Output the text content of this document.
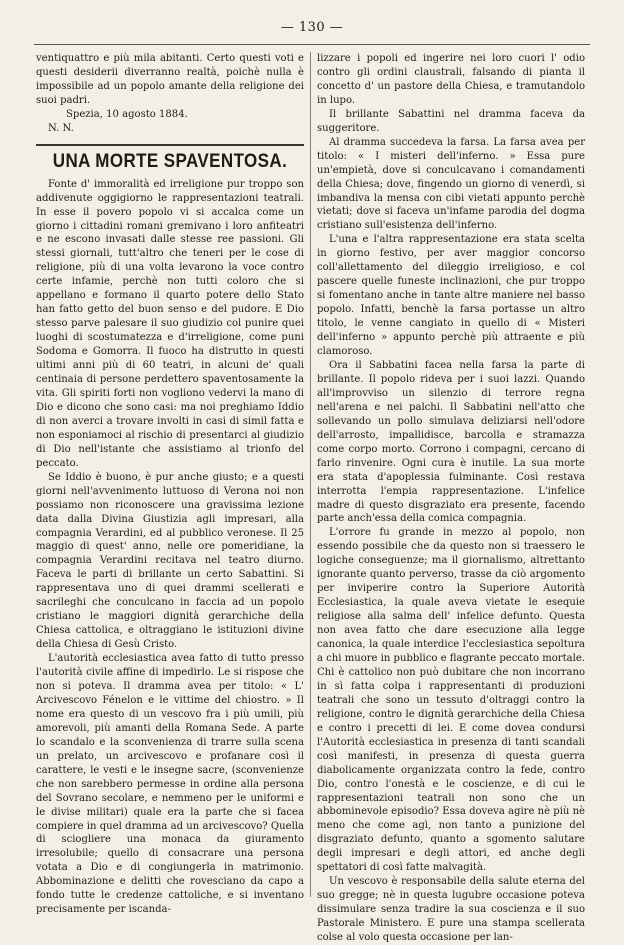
— 130 —

ventiquattro e più mila abitanti. Certo questi voti e questi desiderii diverranno realtà, poichè nulla è impossibile ad un popolo amante della religione dei suoi padri.

Spezia, 10 agosto 1884.

N. N.

UNA MORTE SPAVENTOSA.

Fonte d' immoralità ed irreligione pur troppo son addivenute oggigiorno le rappresentazioni teatrali. In esse il povero popolo vi si accalca come un giorno i cittadini romani gremivano i loro anfiteatri e ne escono invasati dalle stesse ree passioni. Gli stessi giornali, tutt'altro che teneri per le cose di religione, più di una volta levarono la voce contro certe infamie, perchè non tutti coloro che si appellano e formano il quarto potere dello Stato han fatto getto del buon senso e del pudore. E Dio stesso parve palesare il suo giudizio col punire quei luoghi di scostumatezza e d'irreligione, come puni Sodoma e Gomorra. Il fuoco ha distrutto in questi ultimi anni più di 60 teatri, in alcuni de' quali centinaia di persone perdettero spaventosamente la vita. Gli spiriti forti non vogliono vedervi la mano di Dio e dicono che sono casi: ma noi preghiamo Iddio di non averci a trovare involti in casi di simil fatta e non esponiamoci al rischio di presentarci al giudizio di Dio nell'istante che assistiamo al trionfo del peccato.

Se Iddio è buono, è pur anche giusto; e a questi giorni nell'avvenimento luttuoso di Verona noi non possiamo non riconoscere una gravissima lezione data dalla Divina Giustizia agli impresari, alla compagnia Verardini, ed al pubblico veronese. Il 25 maggio di quest' anno, nelle ore pomeridiane, la compagnia Verardini recitava nel teatro diurno. Faceva le parti di brillante un certo Sabattini. Si rappresentava uno di quei drammi scellerati e sacrileghi che conculcano in faccia ad un popolo cristiano le maggiori dignità gerarchiche della Chiesa cattolica, e oltraggiano le istituzioni divine della Chiesa di Gesù Cristo.

L'autorità ecclesiastica avea fatto di tutto presso l'autorità civile affine di impedirlo. Le si rispose che non si poteva. Il dramma avea per titolo: « L' Arcivescovo Fénelon e le vittime del chiostro. » Il nome era questo di un vescovo fra i più umili, più amorevoli, più amanti della Romana Sede. A parte lo scandalo e la sconvenienza di trarre sulla scena un prelato, un arcivescovo e profanare così il carattere, le vesti e le insegne sacre, (sconvenienze che non sarebbero permesse in ordine alla persona del Sovrano secolare, e nemmeno per le uniformi e le divise militari) quale era la parte che si facea compiere in quel dramma ad un arcivescovo? Quella di sciogliere una monaca da giuramento irresolubile; quello di consacrare una persona votata a Dio e di congiungerla in matrimonio. Abbominazione e delitti che rovesciano da capo a fondo tutte le credenze cattoliche, e si inventano precisamente per iscanda-

lizzare i popoli ed ingerire nei loro cuori l' odio contro gli ordini claustrali, falsando di pianta il concetto d' un pastore della Chiesa, e tramutandolo in lupo.

Il brillante Sabattini nel dramma faceva da suggeritore.

Al dramma succedeva la farsa. La farsa avea per titolo: « I misteri dell'inferno. » Essa pure un'empietà, dove si conculcavano i comandamenti della Chiesa; dove, fingendo un giorno di venerdì, si imbandiva la mensa con cibi vietati appunto perchè vietati; dove si faceva un'infame parodia del dogma cristiano sull'esistenza dell'inferno.

L'una e l'altra rappresentazione era stata scelta in giorno festivo, per aver maggior concorso coll'allettamento del dileggio irreligioso, e col pascere quelle funeste inclinazioni, che pur troppo si fomentano anche in tante altre maniere nel basso popolo. Infatti, benchè la farsa portasse un altro titolo, le venne cangiato in quello di « Misteri dell'inferno » appunto perchè più attraente e più clamoroso.

Ora il Sabbatini facea nella farsa la parte di brillante. Il popolo rideva per i suoi lazzi. Quando all'improvviso un silenzio di terrore regna nell'arena e nei palchi. Il Sabbatini nell'atto che sollevando un pollo simulava deliziarsi nell'odore dell'arrosto, impallidisce, barcolla e stramazza come corpo morto. Corrono i compagni, cercano di farlo rinvenire. Ogni cura è inutile. La sua morte era stata d'apoplessia fulminante. Così restava interrotta l'empia rappresentazione. L'infelice madre di questo disgraziato era presente, facendo parte anch'essa della comica compagnia.

L'orrore fu grande in mezzo al popolo, non essendo possibile che da questo non si traessero le logiche conseguenze; ma il giornalismo, altrettanto ignorante quanto perverso, trasse da ciò argomento per inviperire contro la Superiore Autorità Ecclesiastica, la quale aveva vietate le esequie religiose alla salma dell' infelice defunto. Questa non avea fatto che dare esecuzione alla legge canonica, la quale interdice l'ecclesiastica sepoltura a chi muore in pubblico e flagrante peccato mortale. Chi è cattolico non può dubitare che non incorrano in sì fatta colpa i rappresentanti di produzioni teatrali che sono un tessuto d'oltraggi contro la religione, contro le dignità gerarchiche della Chiesa e contro i precetti di lei. E come dovea condursi l'Autorità ecclesiastica in presenza di tanti scandali così manifesti, in presenza di questa guerra diabolicamente organizzata contro la fede, contro Dio, contro l'onestà e le coscienze, e di cui le rappresentazioni teatrali non sono che un abbominevole episodio? Essa doveva agire nè più nè meno che come agì, non tanto a punizione del disgraziato defunto, quanto a sgomento salutare degli impresari e degli attori, ed anche degli spettatori di così fatte malvagità.

Un vescovo è responsabile della salute eterna del suo gregge; nè in questa lugubre occasione poteva dissimulare senza tradire la sua coscienza e il suo Pastorale Ministero. E pure una stampa scellerata colse al volo questa occasione per lan-
